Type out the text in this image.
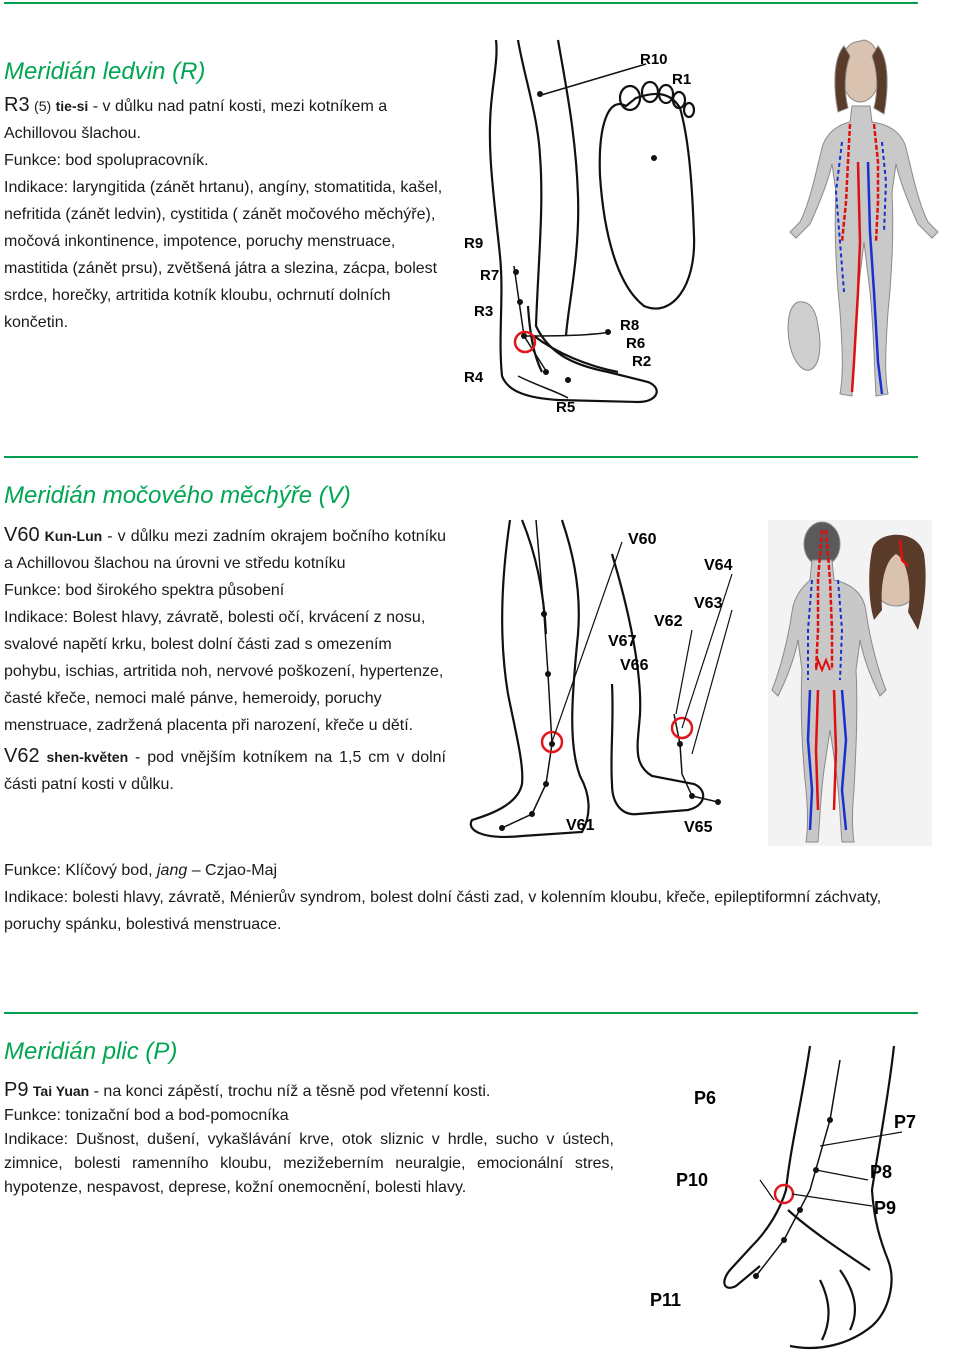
Meridián ledvin (R)

R3 (5) tie-si - v důlku nad patní kosti, mezi kotníkem a Achillovou šlachou.

Funkce: bod spolupracovník.

Indikace: laryngitida (zánět hrtanu), angíny, stomatitida, kašel, nefritida (zánět ledvin), cystitida ( zánět močového měchýře), močová inkontinence, impotence, poruchy menstruace, mastitida (zánět prsu), zvětšená játra a slezina, zácpa, bolest srdce, horečky, artritida kotník kloubu, ochrnutí dolních končetin.

R10
R1
R9
R7
R3
R4
R5
R8
R6
R2
Meridián močového měchýře (V)

V60 Kun-Lun - v důlku mezi zadním okrajem bočního kotníku a Achillovou šlachou na úrovni ve středu kotníku

Funkce: bod širokého spektra působení

Indikace: Bolest hlavy, závratě, bolesti očí, krvácení z nosu, svalové napětí krku, bolest dolní části zad s omezením pohybu, ischias, artritida noh, nervové poškození, hypertenze, časté křeče, nemoci malé pánve, hemeroidy, poruchy menstruace, zadržená placenta při narození, křeče u dětí.

V62 shen-květen - pod vnějším kotníkem na 1,5 cm v dolní části patní kosti v důlku.

Funkce: Klíčový bod, jang – Czjao-Maj

Indikace: bolesti hlavy, závratě, Ménierův syndrom, bolest dolní části zad, v kolenním kloubu, křeče, epileptiformní záchvaty, poruchy spánku, bolestivá menstruace.

V60
V64
V63
V62
V67
V66
V61	V65
Meridián plic (P)

P9 Tai Yuan - na konci zápěstí, trochu níž a těsně pod vřetenní kosti.

Funkce: tonizační bod a bod-pomocníka

Indikace: Dušnost, dušení, vykašlávání krve, otok sliznic v hrdle, sucho v ústech, zimnice, bolesti ramenního kloubu, mezižeberním neuralgie, emocionální stres, hypotenze, nespavost, deprese, kožní onemocnění, bolesti hlavy.

P6
P7
P10	P8
P9
P11
